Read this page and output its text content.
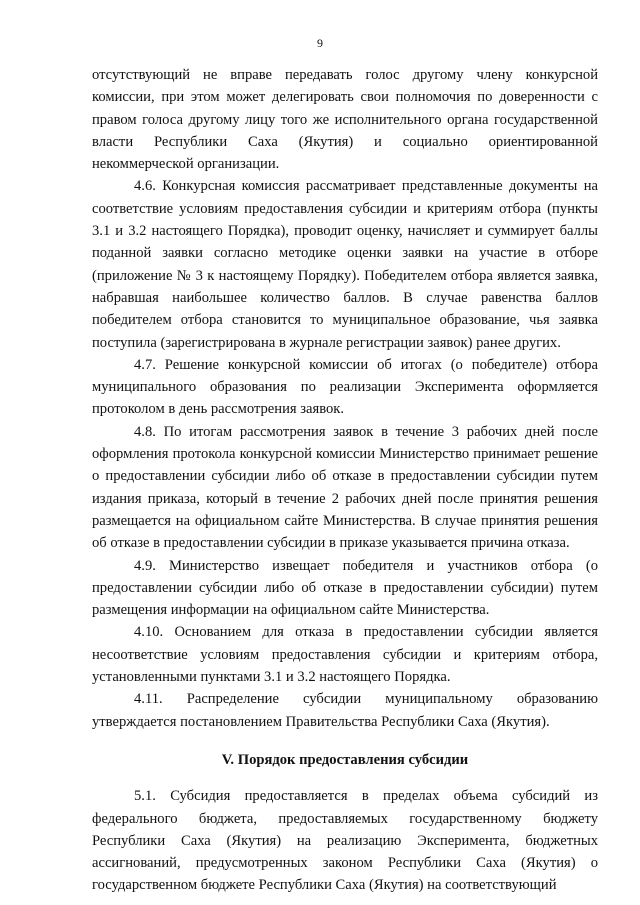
9

отсутствующий не вправе передавать голос другому члену конкурсной комиссии, при этом может делегировать свои полномочия по доверенности с правом голоса другому лицу того же исполнительного органа государственной власти Республики Саха (Якутия) и социально ориентированной некоммерческой организации.

4.6. Конкурсная комиссия рассматривает представленные документы на соответствие условиям предоставления субсидии и критериям отбора (пункты 3.1 и 3.2 настоящего Порядка), проводит оценку, начисляет и суммирует баллы поданной заявки согласно методике оценки заявки на участие в отборе (приложение № 3 к настоящему Порядку). Победителем отбора является заявка, набравшая наибольшее количество баллов. В случае равенства баллов победителем отбора становится то муниципальное образование, чья заявка поступила (зарегистрирована в журнале регистрации заявок) ранее других.

4.7. Решение конкурсной комиссии об итогах (о победителе) отбора муниципального образования по реализации Эксперимента оформляется протоколом в день рассмотрения заявок.

4.8. По итогам рассмотрения заявок в течение 3 рабочих дней после оформления протокола конкурсной комиссии Министерство принимает решение о предоставлении субсидии либо об отказе в предоставлении субсидии путем издания приказа, который в течение 2 рабочих дней после принятия решения размещается на официальном сайте Министерства. В случае принятия решения об отказе в предоставлении субсидии в приказе указывается причина отказа.

4.9. Министерство извещает победителя и участников отбора (о предоставлении субсидии либо об отказе в предоставлении субсидии) путем размещения информации на официальном сайте Министерства.

4.10. Основанием для отказа в предоставлении субсидии является несоответствие условиям предоставления субсидии и критериям отбора, установленными пунктами 3.1 и 3.2 настоящего Порядка.

4.11. Распределение субсидии муниципальному образованию утверждается постановлением Правительства Республики Саха (Якутия).

V. Порядок предоставления субсидии

5.1. Субсидия предоставляется в пределах объема субсидий из федерального бюджета, предоставляемых государственному бюджету Республики Саха (Якутия) на реализацию Эксперимента, бюджетных ассигнований, предусмотренных законом Республики Саха (Якутия) о государственном бюджете Республики Саха (Якутия) на соответствующий
